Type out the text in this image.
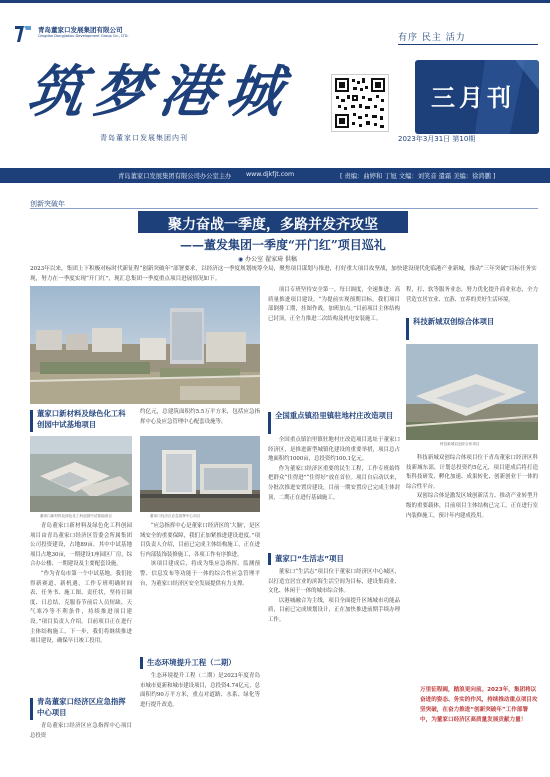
青岛董家口发展集团有限公司
Qingdao Dongjiakou Development Group Co., LTD.	有序 民主 活力
筑梦港城
青岛董家口发展集团内刊
三月刊
2023年3月31日 第10期
青岛董家口发展集团有限公司办公室主办 www.djkfjt.com	[ 责编：曲婷和 丁旭 文编：刘笑音 遣霜 美编：徐鸿鹏 ]
创新突破年
聚力奋战一季度，多路并发齐攻坚
——董发集团一季度“开门红”项目巡礼
◉ 办公室 翟家琦 供稿
2023年以来，集团上下积极对标时代新征程“创新突破年”部署要求，以经济这一季度规划统筹全局，聚焦项目谋划与推进，打好重大项目攻坚战，加快建设现代化临港产业新城，推动“三年突破”目标任务实现，努力在一季度实现“开门红”，现汇总集团一季度重点项目进展情况如下。
董家口新材料及绿色化工科创园中试基地项目
董家口新材料及绿色化工科创园中试基地项目

青岛董家口新材料及绿色化工科创园项目由青岛董家口经济区管委会所属集团公司投资建设，占地89亩，其中中试基地项目占地30亩，一期建设1座园区厂房，综合办公楼、一期建设及主要配套设施。

“作为青岛市第一个中试基地，我们抢得新赛道、新机遇，工作专班明确时间表、任务书、施工图、责任状，坚持日调度、日总结，克服春节前后人员短缺、天气寒冷等不利条件，持续推进项目建设。”项目负责人介绍。目前项目正在进行主体结构施工，下一步，我们将继续推进项目建设，确保早日竣工投用。

青岛董家口经济区应急指挥中心项目

青岛董家口经济区应急指挥中心项目总投资

约亿元，总建筑面积约5.5万平方米，包括应急指挥中心及应急管理中心配套设施等。

董家口经济区应急指挥中心项目

“应急指挥中心是董家口经济区的‘大脑’，是区域安全的重要保障，我们正加紧推进建设进度。”项目负责人介绍，目前已完成主体结构施工，正在进行内部装饰装修施工，各项工作有序推进。

该项目建成后，将成为集应急指挥、监测预警、信息发布等功能于一体的综合性应急管理平台，为董家口经济区安全发展提供有力支撑。

生态环境提升工程（二期）

生态环境提升工程（二期）是2023年度青岛市城市更新和城市建设项目，总投资4.74亿元，总面积约90万平方米，重点对道路、水系、绿化等进行提升改造。

项目专班坚持安全第一，每日调度，全速推进：高质量推进项目建设。“为提前实现预期目标，我们项目部倒排工期，挂图作战，加班加点。”目前项目主体结构已封顶，正全力推进二次结构及机电安装施工。

全国重点镇沿里镇驻地村庄改造项目

全国重点镇泊里镇驻地村庄改造项目选址于董家口经济区，是推进新型城镇化建设的重要举措，项目总占地面积约1000亩，总投资约100.1亿元。

作为董家口经济区重要的民生工程，工作专班始终把群众“住得进”“住得好”放在首位。项目自启动以来，分批次推进安置房建设，目前一期安置房已完成主体封顶，二期正在进行基础施工。

董家口“生活志”项目

董家口“生活志”项目位于董家口经济区中心城区，以打造宜居宜业的滨海生活空间为目标，建设集商业、文化、休闲于一体的城市综合体。

以港城融合为主线，项目全面提升区域城市功能品质，目前已完成规划设计，正在加快推进前期手续办理工作。

程，打、软等服务业态，努力优化提升商业业态，全力营造宜居宜业、宜游、宜养的美好生活环境。

科技新城双创综合体项目
科技新城双创综合体项目

科技新城双创综合体项目位于青岛董家口经济区科技新城东部，计划总投资约5亿元，项目建成后将打造集科技研发、孵化加速、成果转化、创新创业于一体的综合性平台。

双创综合体是激发区域创新活力、推动产业转型升级的重要载体，目前项目主体结构已完工，正在进行室内装修施工，预计年内建成投用。

万里征程阔，踏浪更向前。2023年，集团将以奋进的姿态、务实的作风，持续推动重点项目攻坚突破，在奋力推进“创新突破年”工作部署中，为董家口经济区高质量发展贡献力量！
